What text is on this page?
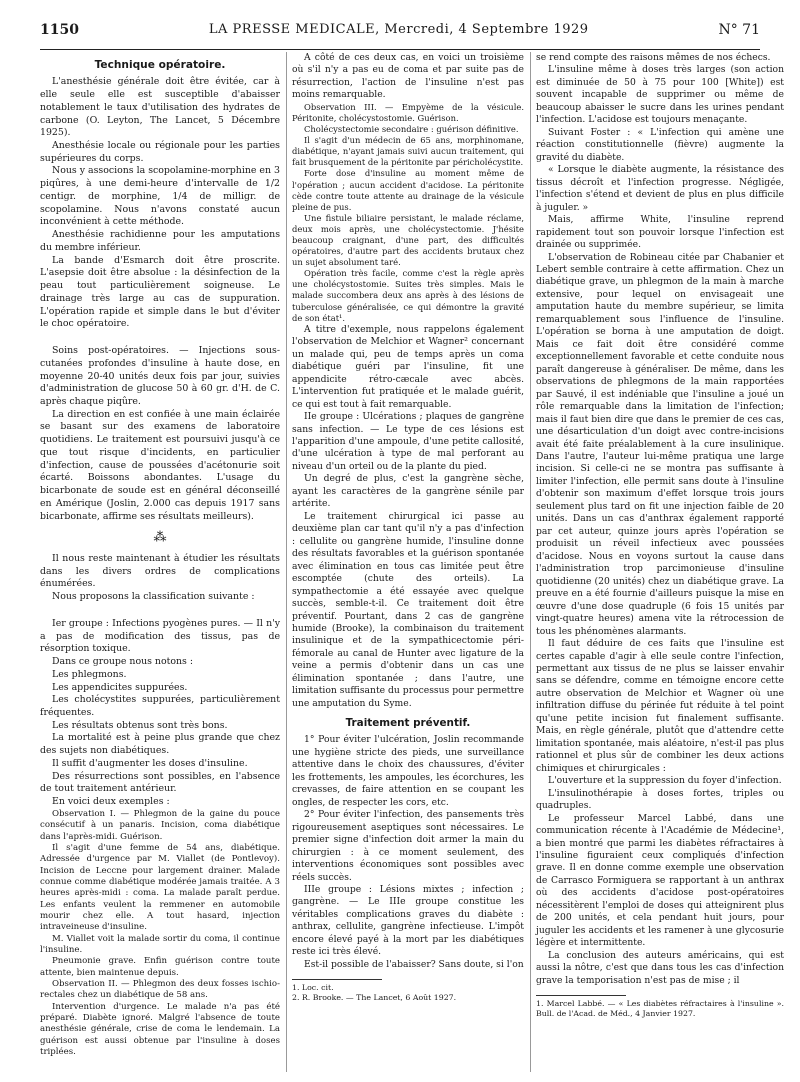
1150	LA PRESSE MEDICALE, Mercredi, 4 Septembre 1929	N° 71

Technique opératoire.

L'anesthésie générale doit être évitée, car à elle seule elle est susceptible d'abaisser notablement le taux d'utilisation des hydrates de carbone (O. Leyton, The Lancet, 5 Décembre 1925).

Anesthésie locale ou régionale pour les parties supérieures du corps.

Nous y associons la scopolamine-morphine en 3 piqûres, à une demi-heure d'intervalle de 1/2 centigr. de morphine, 1/4 de milligr. de scopolamine. Nous n'avons constaté aucun inconvénient à cette méthode.

Anesthésie rachidienne pour les amputations du membre inférieur.

La bande d'Esmarch doit être proscrite. L'asepsie doit être absolue : la désinfection de la peau tout particulièrement soigneuse. Le drainage très large au cas de suppuration. L'opération rapide et simple dans le but d'éviter le choc opératoire.

Soins post-opératoires. — Injections sous-cutanées profondes d'insuline à haute dose, en moyenne 20-40 unités deux fois par jour, suivies d'administration de glucose 50 à 60 gr. d'H. de C. après chaque piqûre.

La direction en est confiée à une main éclairée se basant sur des examens de laboratoire quotidiens. Le traitement est poursuivi jusqu'à ce que tout risque d'incidents, en particulier d'infection, cause de poussées d'acétonurie soit écarté. Boissons abondantes. L'usage du bicarbonate de soude est en général déconseillé en Amérique (Joslin, 2.000 cas depuis 1917 sans bicarbonate, affirme ses résultats meilleurs).

⁂

Il nous reste maintenant à étudier les résultats dans les divers ordres de complications énumérées.

Nous proposons la classification suivante :

Ier groupe : Infections pyogènes pures. — Il n'y a pas de modification des tissus, pas de résorption toxique.

Dans ce groupe nous notons :

Les phlegmons.

Les appendicites suppurées.

Les cholécystites suppurées, particulièrement fréquentes.

Les résultats obtenus sont très bons.

La mortalité est à peine plus grande que chez des sujets non diabétiques.

Il suffit d'augmenter les doses d'insuline.

Des résurrections sont possibles, en l'absence de tout traitement antérieur.

En voici deux exemples :

Observation I. — Phlegmon de la gaine du pouce consécutif à un panaris. Incision, coma diabétique dans l'après-midi. Guérison.

Il s'agit d'une femme de 54 ans, diabétique. Adressée d'urgence par M. Viallet (de Pontlevoy). Incision de Leccne pour largement drainer. Malade connue comme diabétique modérée jamais traitée. A 3 heures après-midi : coma. La malade paraît perdue. Les enfants veulent la remmener en automobile mourir chez elle. A tout hasard, injection intraveineuse d'insuline.

M. Viallet voit la malade sortir du coma, il continue l'insuline.

Pneumonie grave. Enfin guérison contre toute attente, bien maintenue depuis.

Observation II. — Phlegmon des deux fosses ischio-rectales chez un diabétique de 58 ans.

Intervention d'urgence. Le malade n'a pas été préparé. Diabète ignoré. Malgré l'absence de toute anesthésie générale, crise de coma le lendemain. La guérison est aussi obtenue par l'insuline à doses triplées.

A côté de ces deux cas, en voici un troisième où s'il n'y a pas eu de coma et par suite pas de résurrection, l'action de l'insuline n'est pas moins remarquable.

Observation III. — Empyème de la vésicule. Péritonite, cholécystostomie. Guérison.

Cholécystectomie secondaire : guérison définitive.

Il s'agit d'un médecin de 65 ans, morphinomane, diabétique, n'ayant jamais suivi aucun traitement, qui fait brusquement de la péritonite par péricholécystite.

Forte dose d'insuline au moment même de l'opération ; aucun accident d'acidose. La péritonite cède contre toute attente au drainage de la vésicule pleine de pus.

Une fistule biliaire persistant, le malade réclame, deux mois après, une cholécystectomie. J'hésite beaucoup craignant, d'une part, des difficultés opératoires, d'autre part des accidents brutaux chez un sujet absolument taré.

Opération très facile, comme c'est la règle après une cholécystostomie. Suites très simples. Mais le malade succombera deux ans après à des lésions de tuberculose généralisée, ce qui démontre la gravité de son état¹.

A titre d'exemple, nous rappelons également l'observation de Melchior et Wagner² concernant un malade qui, peu de temps après un coma diabétique guéri par l'insuline, fit une appendicite rétro-cæcale avec abcès. L'intervention fut pratiquée et le malade guérit, ce qui est tout à fait remarquable.

IIe groupe : Ulcérations ; plaques de gangrène sans infection. — Le type de ces lésions est l'apparition d'une ampoule, d'une petite callosité, d'une ulcération à type de mal perforant au niveau d'un orteil ou de la plante du pied.

Un degré de plus, c'est la gangrène sèche, ayant les caractères de la gangrène sénile par artérite.

Le traitement chirurgical ici passe au deuxième plan car tant qu'il n'y a pas d'infection : cellulite ou gangrène humide, l'insuline donne des résultats favorables et la guérison spontanée avec élimination en tous cas limitée peut être escomptée (chute des orteils). La sympathectomie a été essayée avec quelque succès, semble-t-il. Ce traitement doit être préventif. Pourtant, dans 2 cas de gangrène humide (Brooke), la combinaison du traitement insulinique et de la sympathicectomie péri-fémorale au canal de Hunter avec ligature de la veine a permis d'obtenir dans un cas une élimination spontanée ; dans l'autre, une limitation suffisante du processus pour permettre une amputation du Syme.

Traitement préventif.

1° Pour éviter l'ulcération, Joslin recommande une hygiène stricte des pieds, une surveillance attentive dans le choix des chaussures, d'éviter les frottements, les ampoules, les écorchures, les crevasses, de faire attention en se coupant les ongles, de respecter les cors, etc.

2° Pour éviter l'infection, des pansements très rigoureusement aseptiques sont nécessaires. Le premier signe d'infection doit armer la main du chirurgien : à ce moment seulement, des interventions économiques sont possibles avec réels succès.

IIIe groupe : Lésions mixtes ; infection ; gangrène. — Le IIIe groupe constitue les véritables complications graves du diabète : anthrax, cellulite, gangrène infectieuse. L'impôt encore élevé payé à la mort par les diabétiques reste ici très élevé.

Est-il possible de l'abaisser? Sans doute, si l'on

1. Loc. cit.

2. R. Brooke. — The Lancet, 6 Août 1927.

se rend compte des raisons mêmes de nos échecs.

L'insuline même à doses très larges (son action est diminuée de 50 à 75 pour 100 [White]) est souvent incapable de supprimer ou même de beaucoup abaisser le sucre dans les urines pendant l'infection. L'acidose est toujours menaçante.

Suivant Foster : « L'infection qui amène une réaction constitutionnelle (fièvre) augmente la gravité du diabète.

« Lorsque le diabète augmente, la résistance des tissus décroît et l'infection progresse. Négligée, l'infection s'étend et devient de plus en plus difficile à juguler. »

Mais, affirme White, l'insuline reprend rapidement tout son pouvoir lorsque l'infection est drainée ou supprimée.

L'observation de Robineau citée par Chabanier et Lebert semble contraire à cette affirmation. Chez un diabétique grave, un phlegmon de la main à marche extensive, pour lequel on envisageait une amputation haute du membre supérieur, se limita remarquablement sous l'influence de l'insuline. L'opération se borna à une amputation de doigt. Mais ce fait doit être considéré comme exceptionnellement favorable et cette conduite nous paraît dangereuse à généraliser. De même, dans les observations de phlegmons de la main rapportées par Sauvé, il est indéniable que l'insuline a joué un rôle remarquable dans la limitation de l'infection; mais il faut bien dire que dans le premier de ces cas, une désarticulation d'un doigt avec contre-incisions avait été faite préalablement à la cure insulinique. Dans l'autre, l'auteur lui-même pratiqua une large incision. Si celle-ci ne se montra pas suffisante à limiter l'infection, elle permit sans doute à l'insuline d'obtenir son maximum d'effet lorsque trois jours seulement plus tard on fit une injection faible de 20 unités. Dans un cas d'anthrax également rapporté par cet auteur, quinze jours après l'opération se produisit un réveil infectieux avec poussées d'acidose. Nous en voyons surtout la cause dans l'administration trop parcimonieuse d'insuline quotidienne (20 unités) chez un diabétique grave. La preuve en a été fournie d'ailleurs puisque la mise en œuvre d'une dose quadruple (6 fois 15 unités par vingt-quatre heures) amena vite la rétrocession de tous les phénomènes alarmants.

Il faut déduire de ces faits que l'insuline est certes capable d'agir à elle seule contre l'infection, permettant aux tissus de ne plus se laisser envahir sans se défendre, comme en témoigne encore cette autre observation de Melchior et Wagner où une infiltration diffuse du périnée fut réduite à tel point qu'une petite incision fut finalement suffisante. Mais, en règle générale, plutôt que d'attendre cette limitation spontanée, mais aléatoire, n'est-il pas plus rationnel et plus sûr de combiner les deux actions chimiques et chirurgicales :

L'ouverture et la suppression du foyer d'infection.

L'insulinothérapie à doses fortes, triples ou quadruples.

Le professeur Marcel Labbé, dans une communication récente à l'Académie de Médecine¹, a bien montré que parmi les diabètes réfractaires à l'insuline figuraient ceux compliqués d'infection grave. Il en donne comme exemple une observation de Carrasco Formiguera se rapportant à un anthrax où des accidents d'acidose post-opératoires nécessitèrent l'emploi de doses qui atteignirent plus de 200 unités, et cela pendant huit jours, pour juguler les accidents et les ramener à une glycosurie légère et intermittente.

La conclusion des auteurs américains, qui est aussi la nôtre, c'est que dans tous les cas d'infection grave la temporisation n'est pas de mise ; il

1. Marcel Labbé. — « Les diabètes réfractaires à l'insuline ». Bull. de l'Acad. de Méd., 4 Janvier 1927.
